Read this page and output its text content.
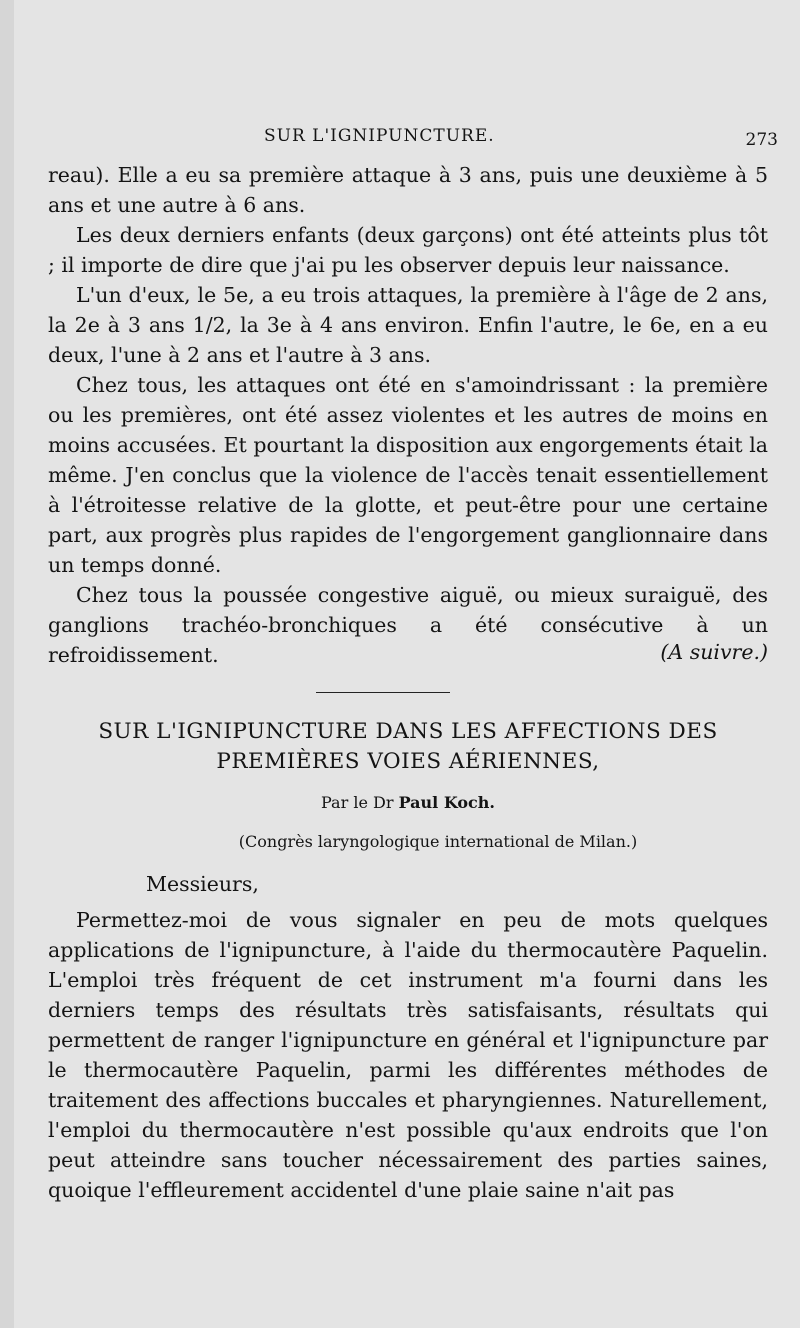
SUR L'IGNIPUNCTURE.	273

reau). Elle a eu sa première attaque à 3 ans, puis une deuxième à 5 ans et une autre à 6 ans.

Les deux derniers enfants (deux garçons) ont été atteints plus tôt ; il importe de dire que j'ai pu les observer depuis leur naissance.

L'un d'eux, le 5e, a eu trois attaques, la première à l'âge de 2 ans, la 2e à 3 ans 1/2, la 3e à 4 ans environ. Enfin l'autre, le 6e, en a eu deux, l'une à 2 ans et l'autre à 3 ans.

Chez tous, les attaques ont été en s'amoindrissant : la première ou les premières, ont été assez violentes et les autres de moins en moins accusées. Et pourtant la disposition aux engorgements était la même. J'en conclus que la violence de l'accès tenait essentiellement à l'étroitesse relative de la glotte, et peut-être pour une certaine part, aux progrès plus rapides de l'engorgement ganglionnaire dans un temps donné.

Chez tous la poussée congestive aiguë, ou mieux suraiguë, des ganglions trachéo-bronchiques a été consécutive à un refroidissement.	(A suivre.)
SUR L'IGNIPUNCTURE DANS LES AFFECTIONS DES
PREMIÈRES VOIES AÉRIENNES,
Par le Dr Paul Koch.
(Congrès laryngologique international de Milan.)
Messieurs,

Permettez-moi de vous signaler en peu de mots quelques applications de l'ignipuncture, à l'aide du thermocautère Paquelin. L'emploi très fréquent de cet instrument m'a fourni dans les derniers temps des résultats très satisfaisants, résultats qui permettent de ranger l'ignipuncture en général et l'ignipuncture par le thermocautère Paquelin, parmi les différentes méthodes de traitement des affections buccales et pharyngiennes. Naturellement, l'emploi du thermocautère n'est possible qu'aux endroits que l'on peut atteindre sans toucher nécessairement des parties saines, quoique l'effleurement accidentel d'une plaie saine n'ait pas
